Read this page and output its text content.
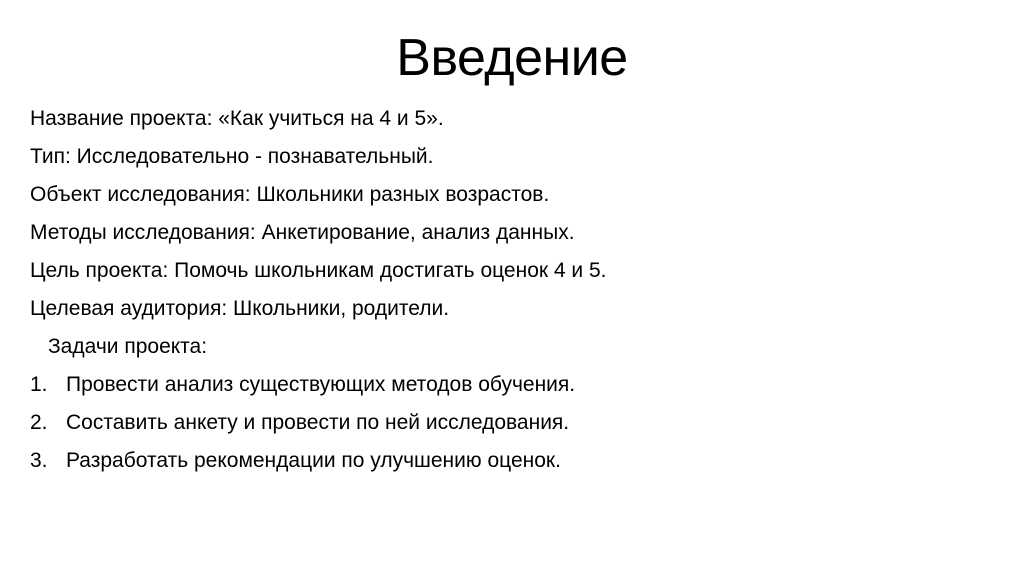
Введение
Название проекта: «Как учиться на 4 и 5».
Тип: Исследовательно - познавательный.
Объект исследования: Школьники разных возрастов.
Методы исследования: Анкетирование, анализ данных.
Цель проекта: Помочь школьникам достигать оценок 4 и 5.
Целевая аудитория: Школьники, родители.
Задачи проекта:
1. Провести анализ существующих методов обучения.
2. Составить анкету и провести по ней исследования.
3. Разработать рекомендации по улучшению оценок.
